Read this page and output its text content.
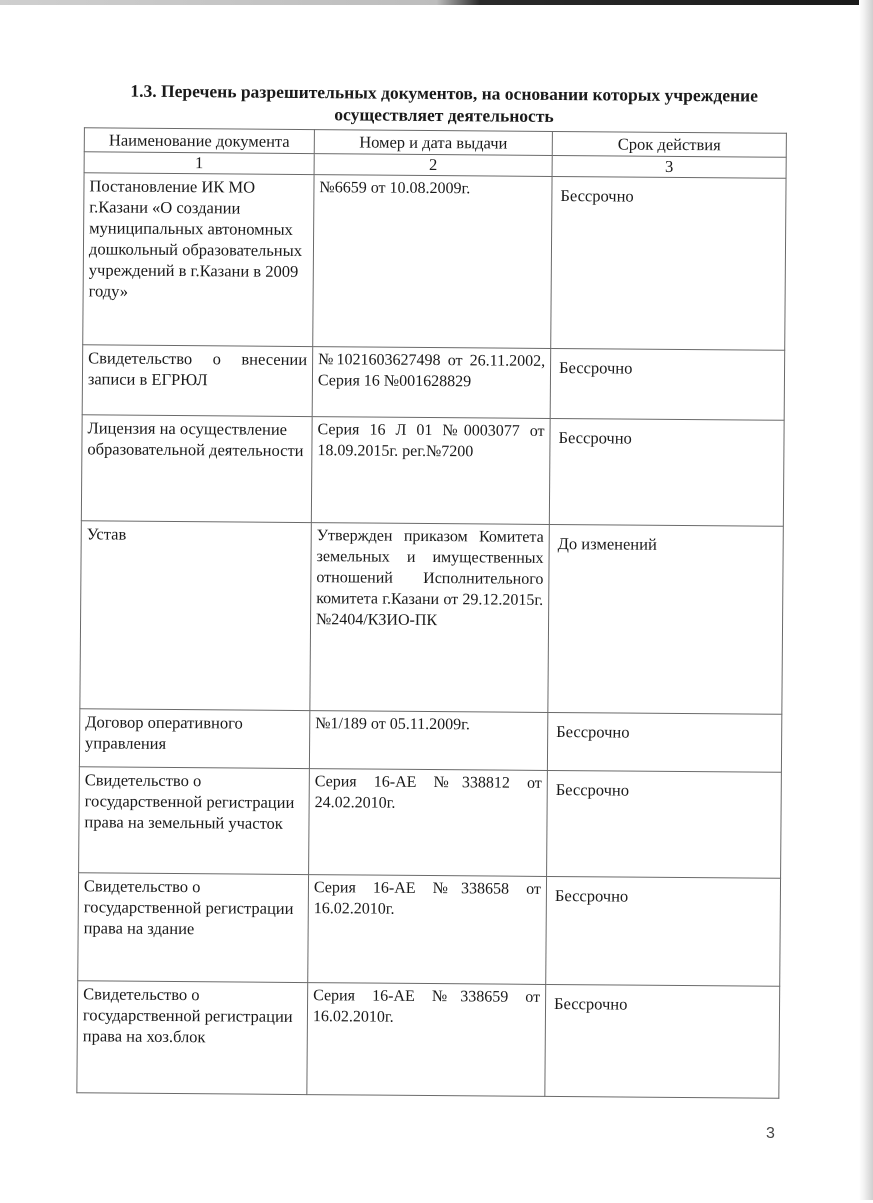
1.3. Перечень разрешительных документов, на основании которых учреждение
осуществляет деятельность
Наименование документа	Номер и дата выдачи	Срок действия
1	2	3
Постановление ИК МО г.Казани «О создании муниципальных автономных дошкольный образовательных учреждений в г.Казани в 2009 году»	№6659 от 10.08.2009г.	Бессрочно
Свидетельство о внесении записи в ЕГРЮЛ	№1021603627498 от 26.11.2002, Серия 16 №001628829	Бессрочно
Лицензия на осуществление образовательной деятельности	Серия 16 Л 01 №0003077 от 18.09.2015г. рег.№7200	Бессрочно
Устав	Утвержден приказом Комитета земельных и имущественных отношений Исполнительного комитета г.Казани от 29.12.2015г. №2404/КЗИО-ПК	До изменений
Договор оперативного управления	№1/189 от 05.11.2009г.	Бессрочно
Свидетельство о государственной регистрации права на земельный участок	Серия 16-АЕ №338812 от 24.02.2010г.	Бессрочно
Свидетельство о государственной регистрации права на здание	Серия 16-АЕ №338658 от 16.02.2010г.	Бессрочно
Свидетельство о государственной регистрации права на хоз.блок	Серия 16-АЕ №338659 от 16.02.2010г.	Бессрочно
3
